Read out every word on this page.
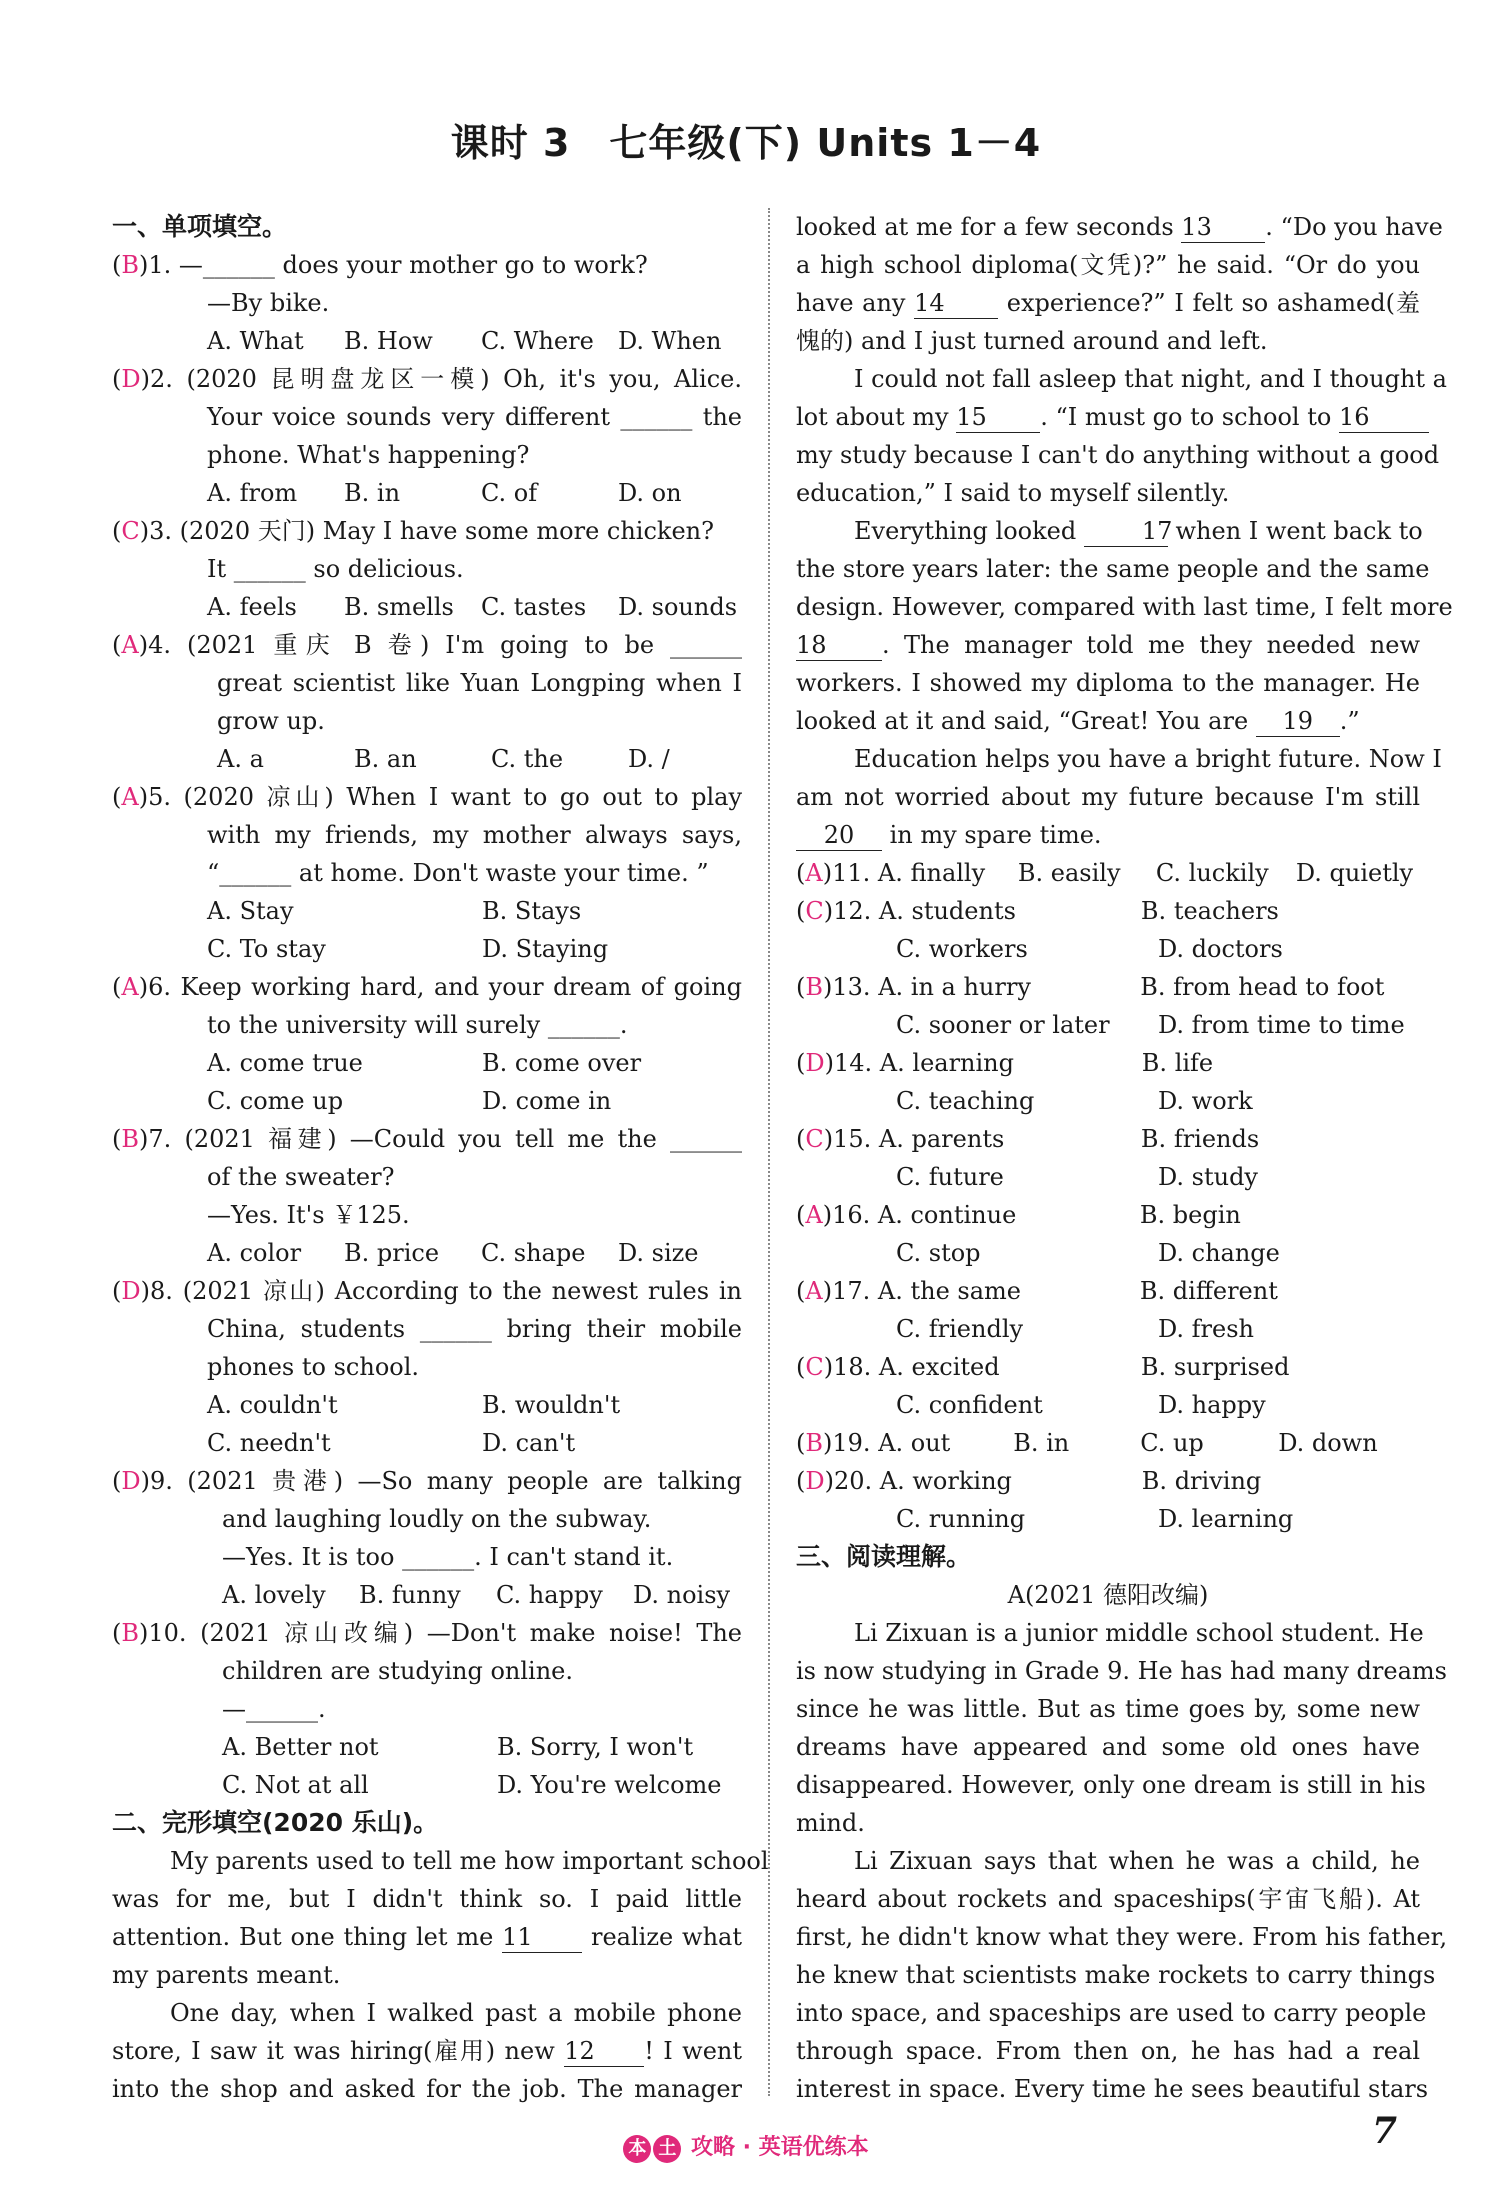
课时 3　七年级(下) Units 1－4
一、单项填空。
(B)1. —______ does your mother go to work?
—By bike.
A. What B. How C. Where D. When
(D)2. (2020 昆明盘龙区一模) Oh, it's you, Alice.
Your voice sounds very different ______ the
phone. What's happening?
A. from B. in	C. of	D. on
(C)3. (2020 天门) May I have some more chicken?
It ______ so delicious.
A. feels B. smells C. tastes D. sounds
(A)4. (2021 重庆 B 卷) I'm going to be ______
great scientist like Yuan Longping when I
grow up.
A. a	B. an	C. the	D. /
(A)5. (2020 凉山) When I want to go out to play
with my friends, my mother always says,
“______ at home. Don't waste your time. ”
A. Stay	B. Stays
C. To stay	D. Staying
(A)6. Keep working hard, and your dream of going
to the university will surely ______.
A. come true	B. come over
C. come up	D. come in
(B)7. (2021 福建) —Could you tell me the ______
of the sweater?
—Yes. It's ￥125.
A. color B. price C. shape D. size
(D)8. (2021 凉山) According to the newest rules in
China, students ______ bring their mobile
phones to school.
A. couldn't	B. wouldn't
C. needn't	D. can't
(D)9. (2021 贵港) —So many people are talking
and laughing loudly on the subway.
—Yes. It is too ______. I can't stand it.
A. lovely B. funny C. happy D. noisy
(B)10. (2021 凉山改编) —Don't make noise! The
children are studying online.
—______.
A. Better not	B. Sorry, I won't
C. Not at all	D. You're welcome
二、完形填空(2020 乐山)。
My parents used to tell me how important school
was for me, but I didn't think so. I paid little
attention. But one thing let me 11 realize what
my parents meant.
One day, when I walked past a mobile phone
store, I saw it was hiring(雇用) new 12 ! I went
into the shop and asked for the job. The manager
looked at me for a few seconds 13 . “Do you have
a high school diploma(文凭)?” he said. “Or do you
have any 14 experience?” I felt so ashamed(羞
愧的) and I just turned around and left.
I could not fall asleep that night, and I thought a
lot about my 15 . “I must go to school to 16
my study because I can't do anything without a good
education,” I said to myself silently.
Everything looked 17 when I went back to
the store years later: the same people and the same
design. However, compared with last time, I felt more
18 . The manager told me they needed new
workers. I showed my diploma to the manager. He
looked at it and said, “Great! You are 19 .”
Education helps you have a bright future. Now I
am not worried about my future because I'm still
20 in my spare time.
(A)11. A. finally B. easily C. luckily D. quietly
(C)12. A. students	B. teachers
C. workers	D. doctors
(B)13. A. in a hurry	B. from head to foot
C. sooner or later D. from time to time
(D)14. A. learning	B. life
C. teaching	D. work
(C)15. A. parents	B. friends
C. future	D. study
(A)16. A. continue	B. begin
C. stop	D. change
(A)17. A. the same	B. different
C. friendly	D. fresh
(C)18. A. excited	B. surprised
C. confident	D. happy
(B)19. A. out	B. in	C. up	D. down
(D)20. A. working	B. driving
C. running	D. learning
三、阅读理解。
A(2021 德阳改编)
Li Zixuan is a junior middle school student. He
is now studying in Grade 9. He has had many dreams
since he was little. But as time goes by, some new
dreams have appeared and some old ones have
disappeared. However, only one dream is still in his
mind.
Li Zixuan says that when he was a child, he
heard about rockets and spaceships(宇宙飞船). At
first, he didn't know what they were. From his father,
he knew that scientists make rockets to carry things
into space, and spaceships are used to carry people
through space. From then on, he has had a real
interest in space. Every time he sees beautiful stars
本 土 攻略 · 英语优练本	7
